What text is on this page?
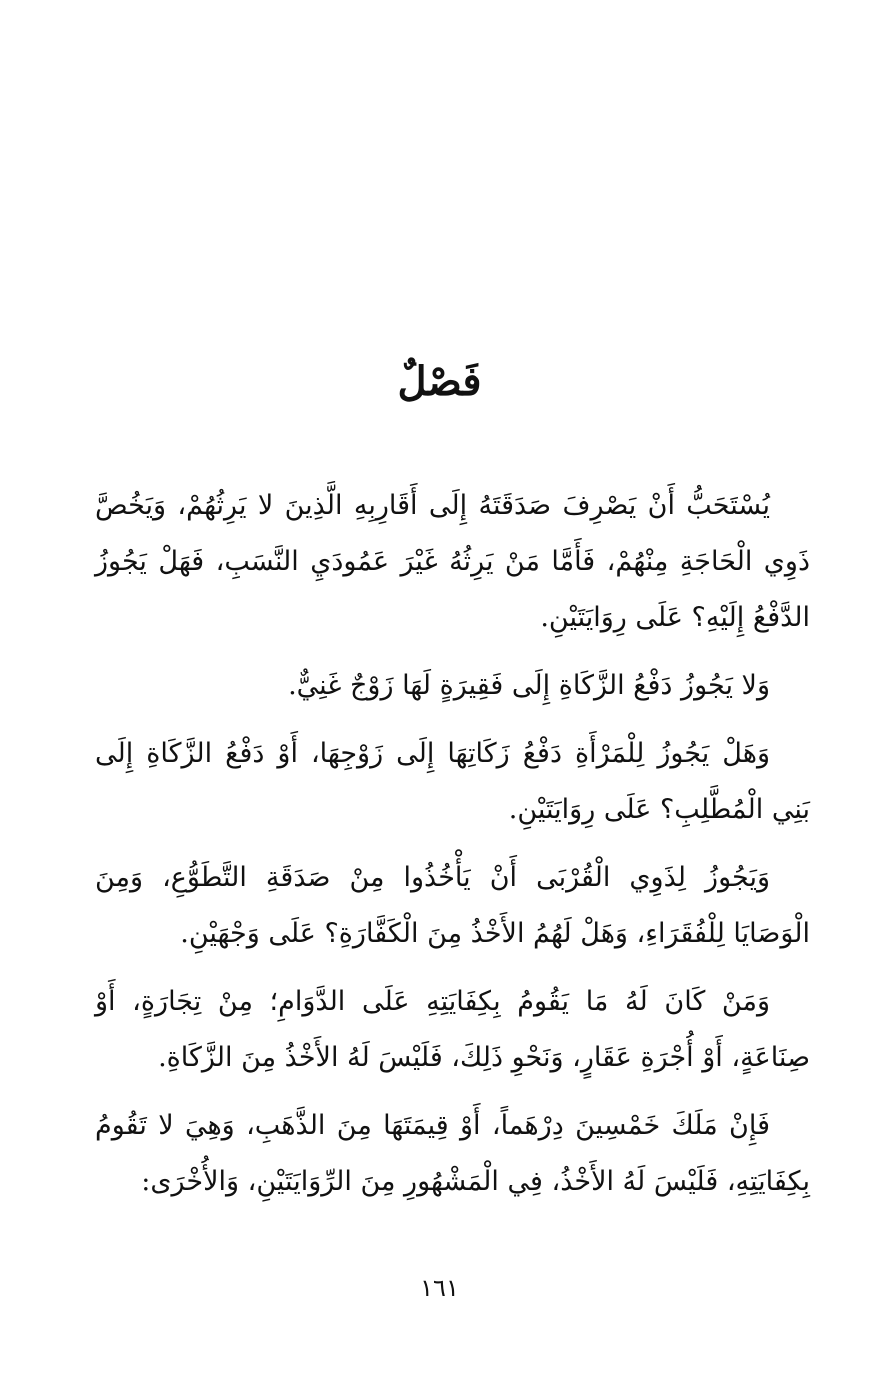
فَصْلٌ

يُسْتَحَبُّ أَنْ يَصْرِفَ صَدَقَتَهُ إِلَى أَقَارِبِهِ الَّذِينَ لا يَرِثُهُمْ، وَيَخُصَّ ذَوِي الْحَاجَةِ مِنْهُمْ، فَأَمَّا مَنْ يَرِثُهُ غَيْرَ عَمُودَيِ النَّسَبِ، فَهَلْ يَجُوزُ الدَّفْعُ إِلَيْهِ؟ عَلَى رِوَايَتَيْنِ.

وَلا يَجُوزُ دَفْعُ الزَّكَاةِ إِلَى فَقِيرَةٍ لَهَا زَوْجٌ غَنِيٌّ.

وَهَلْ يَجُوزُ لِلْمَرْأَةِ دَفْعُ زَكَاتِهَا إِلَى زَوْجِهَا، أَوْ دَفْعُ الزَّكَاةِ إِلَى بَنِي الْمُطَّلِبِ؟ عَلَى رِوَايَتَيْنِ.

وَيَجُوزُ لِذَوِي الْقُرْبَى أَنْ يَأْخُذُوا مِنْ صَدَقَةِ التَّطَوُّعِ، وَمِنَ الْوَصَايَا لِلْفُقَرَاءِ، وَهَلْ لَهُمُ الأَخْذُ مِنَ الْكَفَّارَةِ؟ عَلَى وَجْهَيْنِ.

وَمَنْ كَانَ لَهُ مَا يَقُومُ بِكِفَايَتِهِ عَلَى الدَّوَامِ؛ مِنْ تِجَارَةٍ، أَوْ صِنَاعَةٍ، أَوْ أُجْرَةِ عَقَارٍ، وَنَحْوِ ذَلِكَ، فَلَيْسَ لَهُ الأَخْذُ مِنَ الزَّكَاةِ.

فَإِنْ مَلَكَ خَمْسِينَ دِرْهَماً، أَوْ قِيمَتَهَا مِنَ الذَّهَبِ، وَهِيَ لا تَقُومُ بِكِفَايَتِهِ، فَلَيْسَ لَهُ الأَخْذُ، فِي الْمَشْهُورِ مِنَ الرِّوَايَتَيْنِ، وَالأُخْرَى:

١٦١
